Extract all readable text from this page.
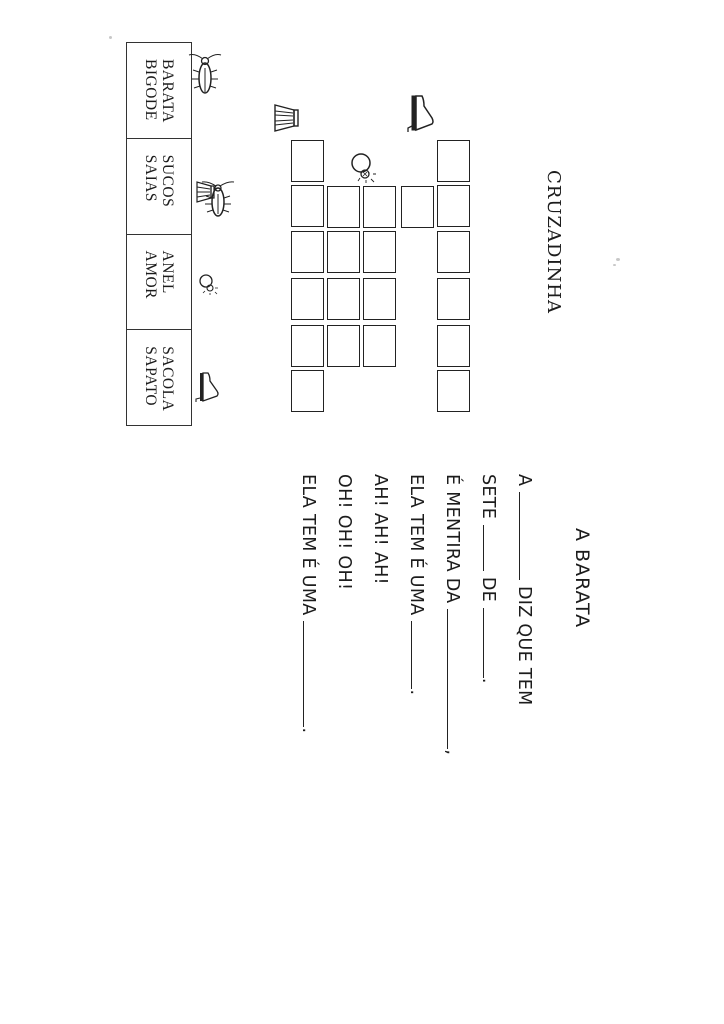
CRUZADINHA
BARATA
BIGODE
SUCOS
SAIAS
ANEL
AMOR
SACOLA
SAPATO
A BARATA
A  DIZ QUE TEM
SETE  DE .
É MENTIRA DA ,
ELA TEM É UMA .
AH! AH! AH!
OH! OH! OH!
ELA TEM É UMA .
